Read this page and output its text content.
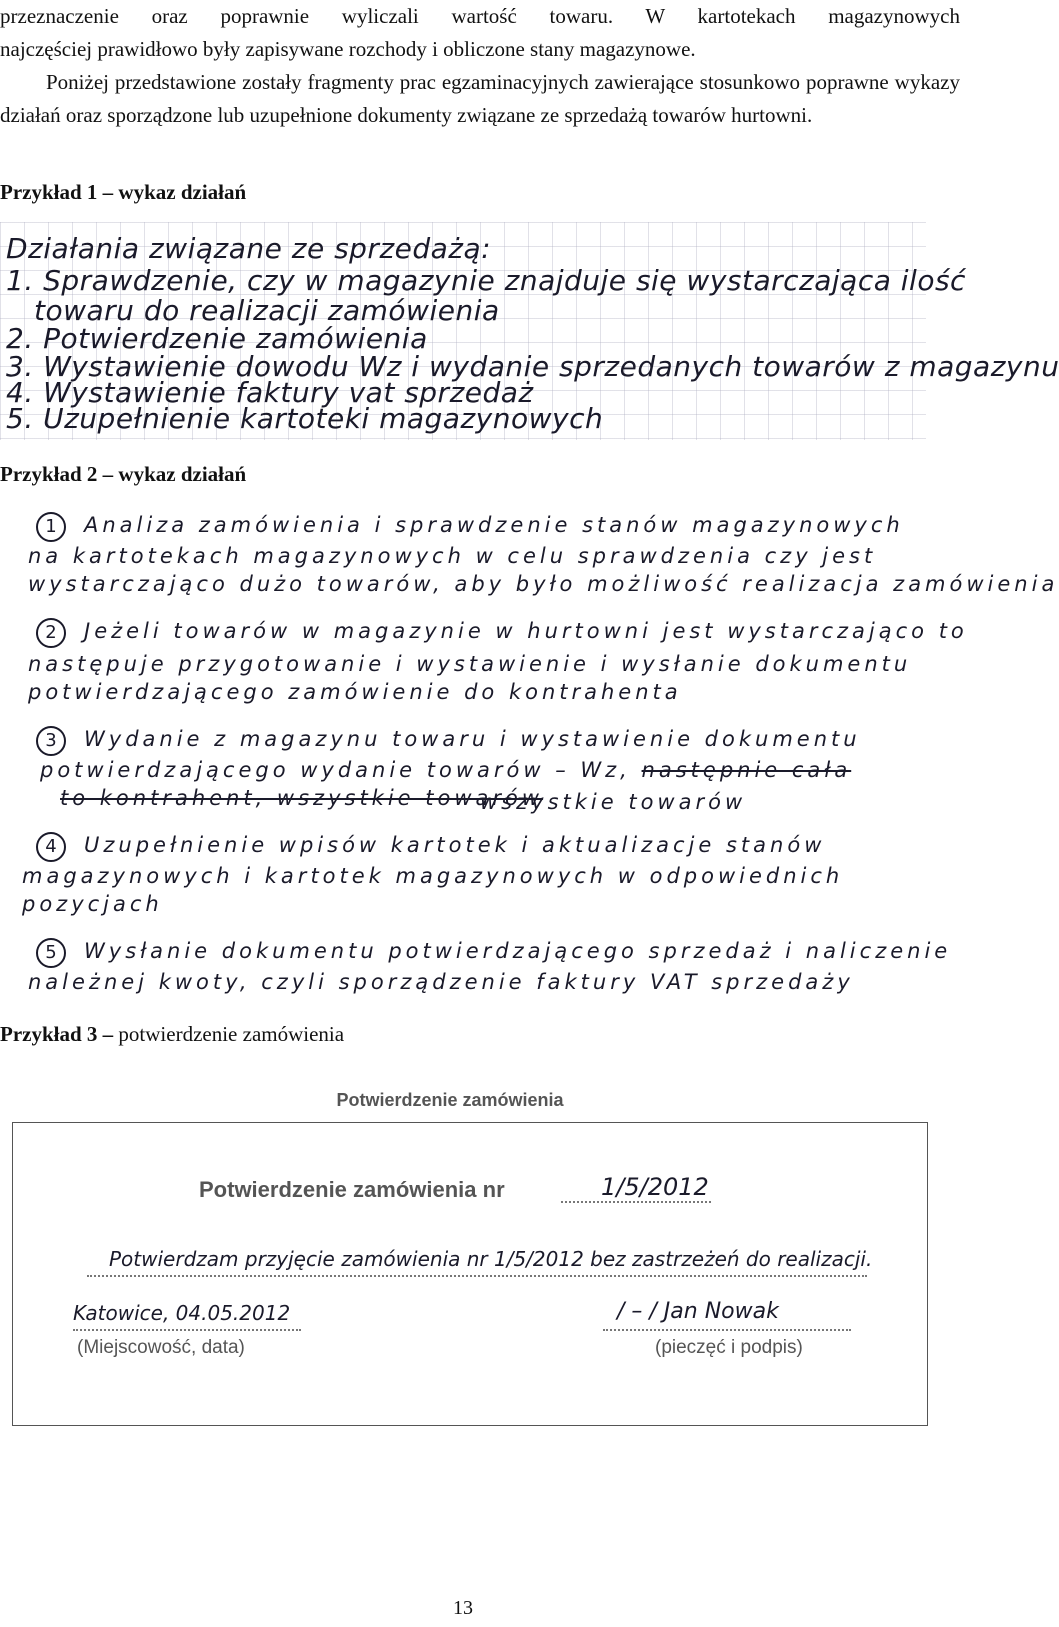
przeznaczenie oraz poprawnie wyliczali wartość towaru. W kartotekach magazynowych

najczęściej prawidłowo były zapisywane rozchody i obliczone stany magazynowe.

Poniżej przedstawione zostały fragmenty prac egzaminacyjnych zawierające stosunkowo poprawne wykazy działań oraz sporządzone lub uzupełnione dokumenty związane ze sprzedażą towarów hurtowni.

Przykład 1 – wykaz działań
Działania związane ze sprzedażą:
1. Sprawdzenie, czy w magazynie znajduje się wystarczająca ilość
towaru do realizacji zamówienia
2. Potwierdzenie zamówienia
3. Wystawienie dowodu Wz i wydanie sprzedanych towarów z magazynu
4. Wystawienie faktury vat sprzedaż
5. Uzupełnienie kartoteki magazynowych
Przykład 2 – wykaz działań
1 Analiza zamówienia i sprawdzenie stanów magazynowych
na kartotekach magazynowych w celu sprawdzenia czy jest
wystarczająco dużo towarów, aby było możliwość realizacja zamówienia
2 Jeżeli towarów w magazynie w hurtowni jest wystarczająco to
następuje przygotowanie i wystawienie i wysłanie dokumentu
potwierdzającego zamówienie do kontrahenta
3 Wydanie z magazynu towaru i wystawienie dokumentu
potwierdzającego wydanie towarów – Wz, następnie cała
to kontrahent, wszystkie towarów
wszystkie towarów
4 Uzupełnienie wpisów kartotek i aktualizacje stanów
magazynowych i kartotek magazynowych w odpowiednich
pozycjach
5 Wysłanie dokumentu potwierdzającego sprzedaż i naliczenie
należnej kwoty, czyli sporządzenie faktury VAT sprzedaży
Przykład 3 – potwierdzenie zamówienia
Potwierdzenie zamówienia
Potwierdzenie zamówienia nr	1/5/2012
Potwierdzam przyjęcie zamówienia nr 1/5/2012 bez zastrzeżeń do realizacji.
Katowice, 04.05.2012
(Miejscowość, data)
/ – / Jan Nowak
(pieczęć i podpis)
13
